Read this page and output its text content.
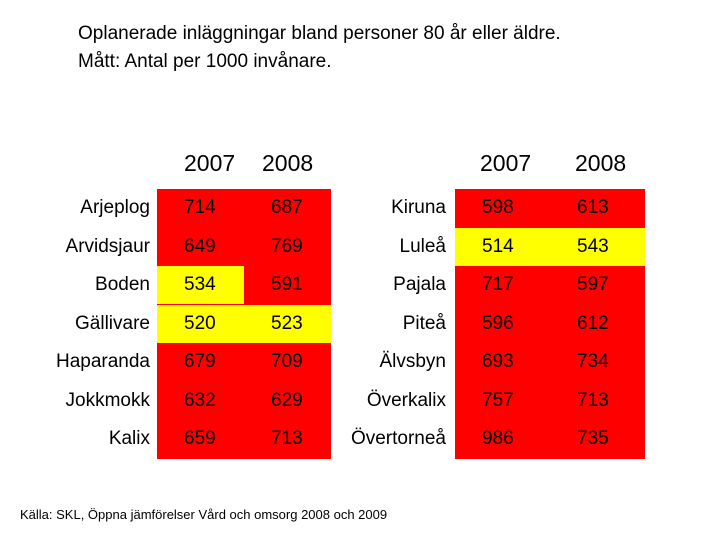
Oplanerade inläggningar bland personer 80 år eller äldre.
Mått: Antal per 1000 invånare.
2007 2008	2007 2008
Arjeplog	714	687
Arvidsjaur	649	769
Boden	534	591
Gällivare	520	523
Haparanda	679	709
Jokkmokk	632	629
Kalix	659	713
Kiruna	598	613
Luleå	514	543
Pajala	717	597
Piteå	596	612
Älvsbyn	693	734
Överkalix	757	713
Övertorneå	986	735
Källa: SKL, Öppna jämförelser Vård och omsorg 2008 och 2009
